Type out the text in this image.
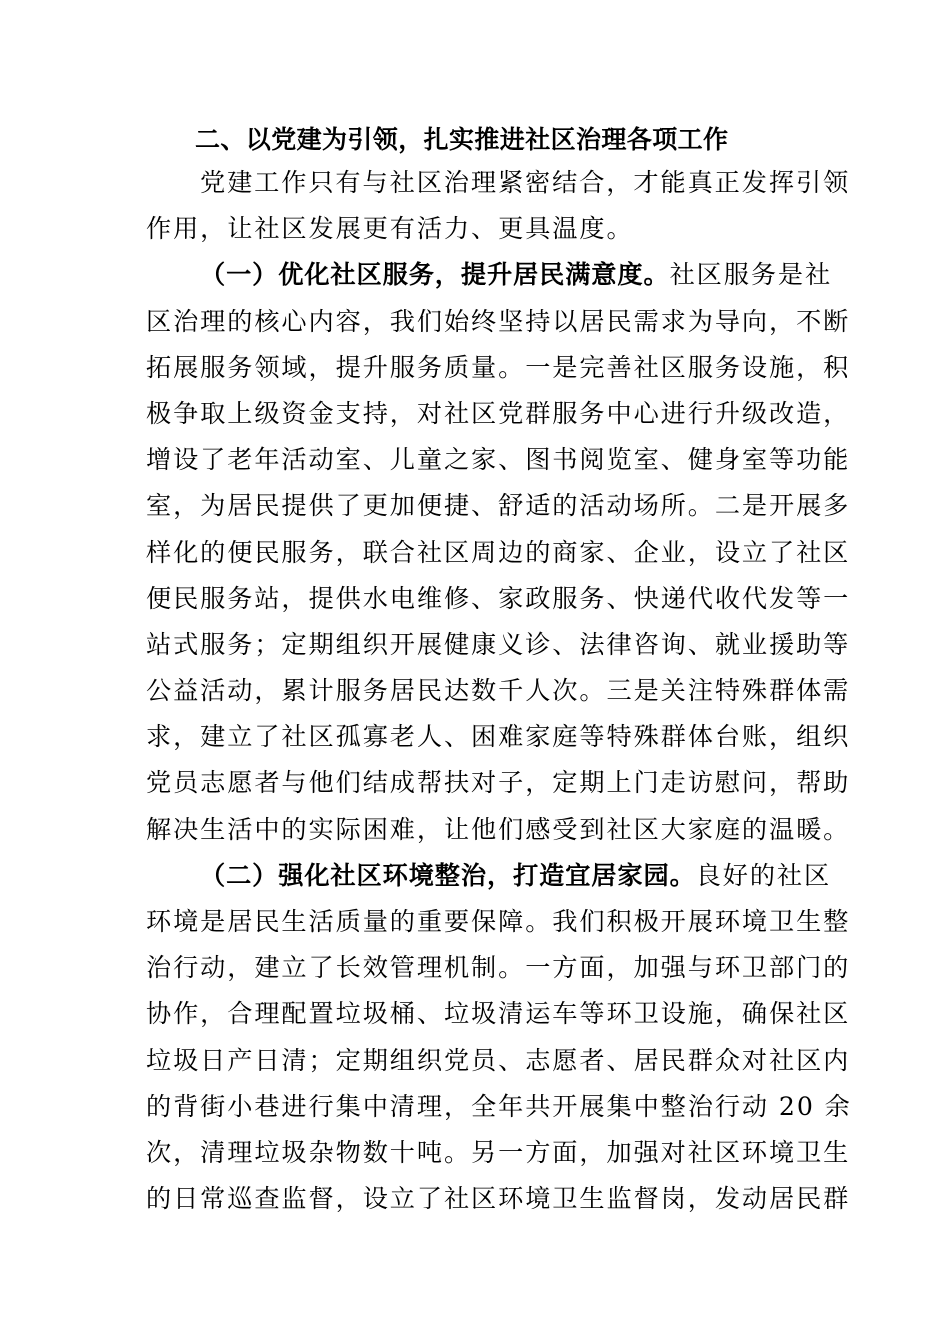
二、以党建为引领，扎实推进社区治理各项工作
党建工作只有与社区治理紧密结合，才能真正发挥引领
作用，让社区发展更有活力、更具温度。
（一）优化社区服务，提升居民满意度。社区服务是社
区治理的核心内容，我们始终坚持以居民需求为导向，不断
拓展服务领域，提升服务质量。一是完善社区服务设施，积
极争取上级资金支持，对社区党群服务中心进行升级改造，
增设了老年活动室、儿童之家、图书阅览室、健身室等功能
室，为居民提供了更加便捷、舒适的活动场所。二是开展多
样化的便民服务，联合社区周边的商家、企业，设立了社区
便民服务站，提供水电维修、家政服务、快递代收代发等一
站式服务；定期组织开展健康义诊、法律咨询、就业援助等
公益活动，累计服务居民达数千人次。三是关注特殊群体需
求，建立了社区孤寡老人、困难家庭等特殊群体台账，组织
党员志愿者与他们结成帮扶对子，定期上门走访慰问，帮助
解决生活中的实际困难，让他们感受到社区大家庭的温暖。
（二）强化社区环境整治，打造宜居家园。良好的社区
环境是居民生活质量的重要保障。我们积极开展环境卫生整
治行动，建立了长效管理机制。一方面，加强与环卫部门的
协作，合理配置垃圾桶、垃圾清运车等环卫设施，确保社区
垃圾日产日清；定期组织党员、志愿者、居民群众对社区内
的背街小巷进行集中清理，全年共开展集中整治行动 20 余
次，清理垃圾杂物数十吨。另一方面，加强对社区环境卫生
的日常巡查监督，设立了社区环境卫生监督岗，发动居民群
